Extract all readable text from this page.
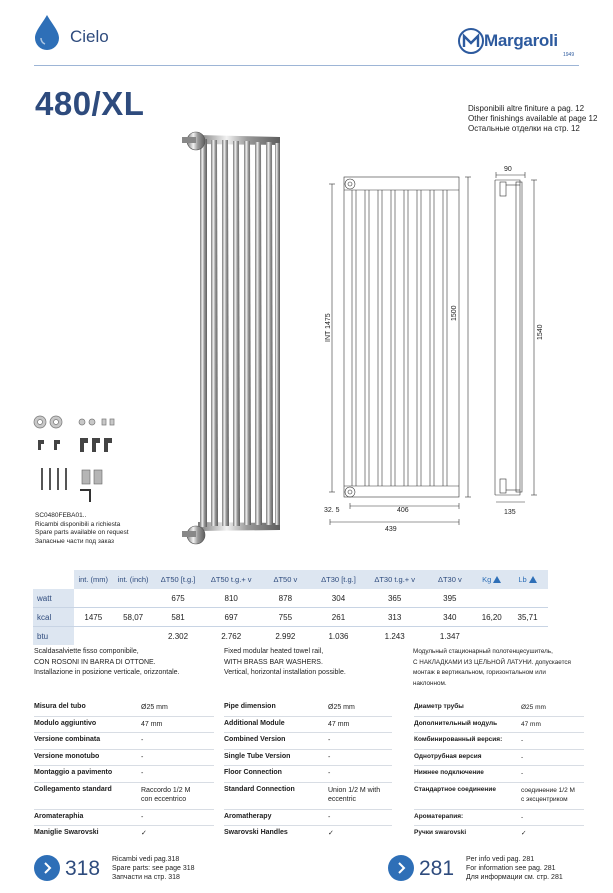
Cielo	Margaroli
1949
480/XL	Disponibili altre finiture a pag. 12
Other finishings available at page 12
Остальные отделки на стр. 12
INT 1475
1500
1540
90
32. 5	406
439
135
SC0480FEBA01..
Ricambi disponibili a richiesta
Spare parts available on request
Запасные части под заказ
	int. (mm)	int. (inch)	ΔT50 [t.g.]	ΔT50 t.g.+ v	ΔT50 v	ΔT30 [t.g.]	ΔT30 t.g.+ v	ΔT30 v	Kg	Lb
watt			675	810	878	304	365	395		
kcal	1475	58,07	581	697	755	261	313	340	16,20	35,71
btu			2.302	2.762	2.992	1.036	1.243	1.347		
Scaldasalviette fisso componibile,
CON ROSONI IN BARRA DI OTTONE.
Installazione in posizione verticale, orizzontale.
Fixed modular heated towel rail,
WITH BRASS BAR WASHERS.
Vertical, horizontal installation possible.
Модульный стационарный полотенцесушитель,
С НАКЛАДКАМИ ИЗ ЦЕЛЬНОЙ ЛАТУНИ. допускается
монтаж в вертикальном, горизонтальном или
наклонном.
Misura del tubo	Ø25 mm
Modulo aggiuntivo	47 mm
Versione combinata	-
Versione monotubo	-
Montaggio a pavimento	-
Collegamento standard	Raccordo 1/2 M
con eccentrico
Aromateraphia	-
Maniglie Swarovski	✓
Pipe dimension	Ø25 mm
Additional Module	47 mm
Combined Version	-
Single Tube Version	-
Floor Connection	-
Standard Connection	Union 1/2 M with
eccentric
Aromatherapy	-
Swarovski Handles	✓
Диаметр трубы	Ø25 mm
Дополнительный модуль	47 mm
Комбинированный версия:	-
Однотрубная версия	-
Нижнее подключение	-
Стандартное соединение	соединение 1/2 M
с эксцентриком
Ароматерапия:	-
Ручки swarovski	✓
318 Ricambi vedi pag.318
Spare parts: see page 318
Запчасти на стр. 318	281 Per info vedi pag. 281
For information see pag. 281
Для информации см. стр. 281
